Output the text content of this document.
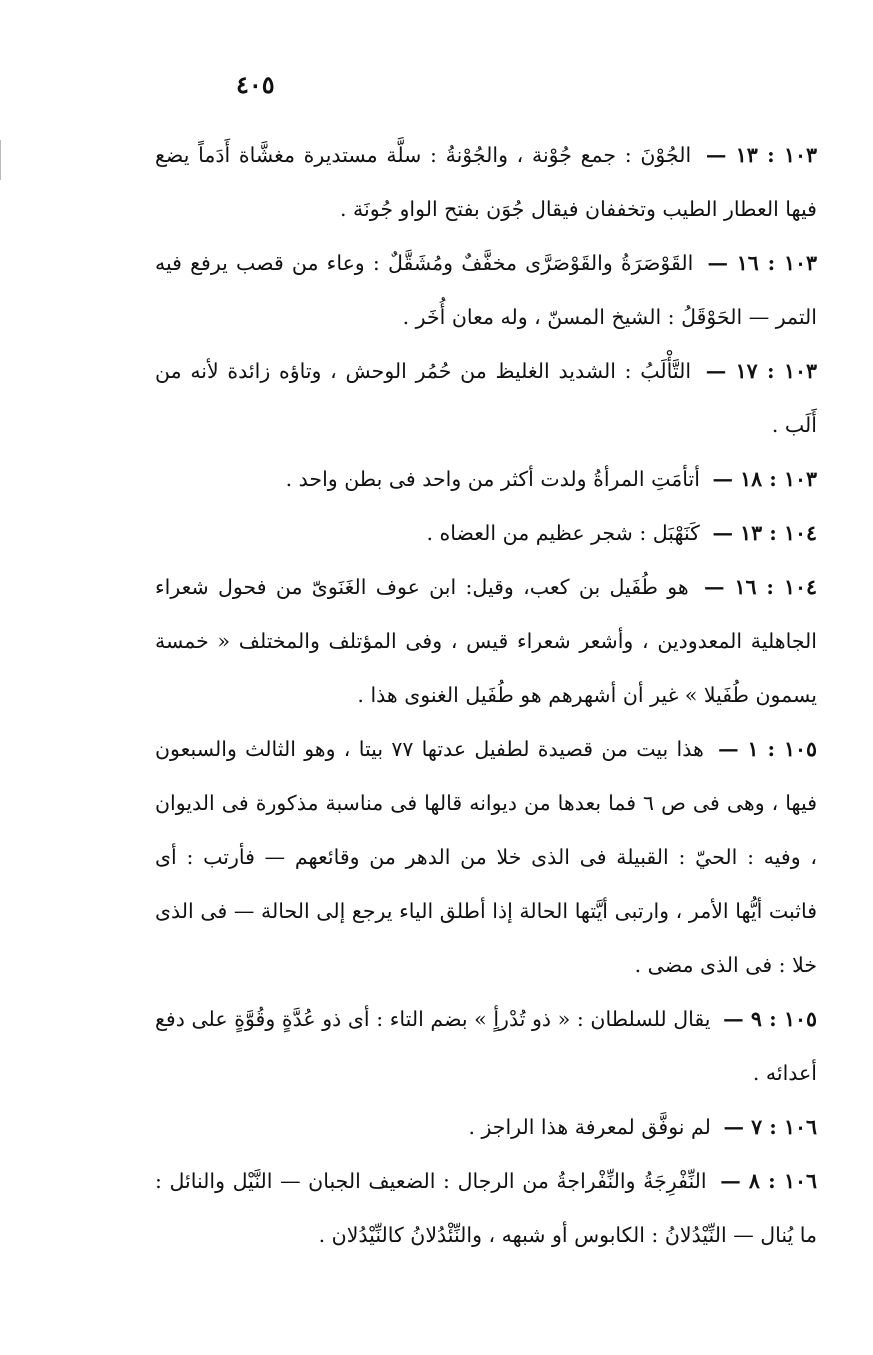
٤٠٥

١٠٣ : ١٣ — الجُوْنَ : جمع جُوْنة ، والجُوْنةُ : سلَّة مستديرة مغشَّاة أَدَماً يضع فيها العطار الطيب وتخففان فيقال جُوَن بفتح الواو جُونَة .

١٠٣ : ١٦ — القَوْصَرَةُ والقَوْصَرَّى مخفَّفٌ ومُشَقَّلٌ : وعاء من قصب يرفع فيه التمر — الحَوْقَلُ : الشيخ المسنّ ، وله معان أُخَر .

١٠٣ : ١٧ — التَّأْلَبُ : الشديد الغليظ من حُمُر الوحش ، وتاؤه زائدة لأنه من أَلَب .

١٠٣ : ١٨ — أتأمَتِ المرأةُ ولدت أكثر من واحد فى بطن واحد .

١٠٤ : ١٣ — كَنَهْبَل : شجر عظيم من العضاه .

١٠٤ : ١٦ — هو طُفَيل بن كعب، وقيل: ابن عوف الغَنَوىّ من فحول شعراء الجاهلية المعدودين ، وأشعر شعراء قيس ، وفى المؤتلف والمختلف « خمسة يسمون طُفَيلا » غير أن أشهرهم هو طُفَيل الغنوى هذا .

١٠٥ : ١ — هذا بيت من قصيدة لطفيل عدتها ٧٧ بيتا ، وهو الثالث والسبعون فيها ، وهى فى ص ٦ فما بعدها من ديوانه قالها فى مناسبة مذكورة فى الديوان ، وفيه : الحيّ : القبيلة فى الذى خلا من الدهر من وقائعهم — فأرتب : أى فاثبت أيُّها الأمر ، وارتبى أيَّتها الحالة إذا أطلق الياء يرجع إلى الحالة — فى الذى خلا : فى الذى مضى .

١٠٥ : ٩ — يقال للسلطان : « ذو تُدْرأٍ » بضم التاء : أى ذو عُدَّةٍ وقُوَّةٍ على دفع أعدائه .

١٠٦ : ٧ — لم نوفَّق لمعرفة هذا الراجز .

١٠٦ : ٨ — النِّفْرِجَةُ والنِّفْراجةُ من الرجال : الضعيف الجبان — النَّيْل والنائل : ما يُنال — النِّيْدُلانُ : الكابوس أو شبهه ، والنِّئْدُلانُ كالنِّيْدُلان .
